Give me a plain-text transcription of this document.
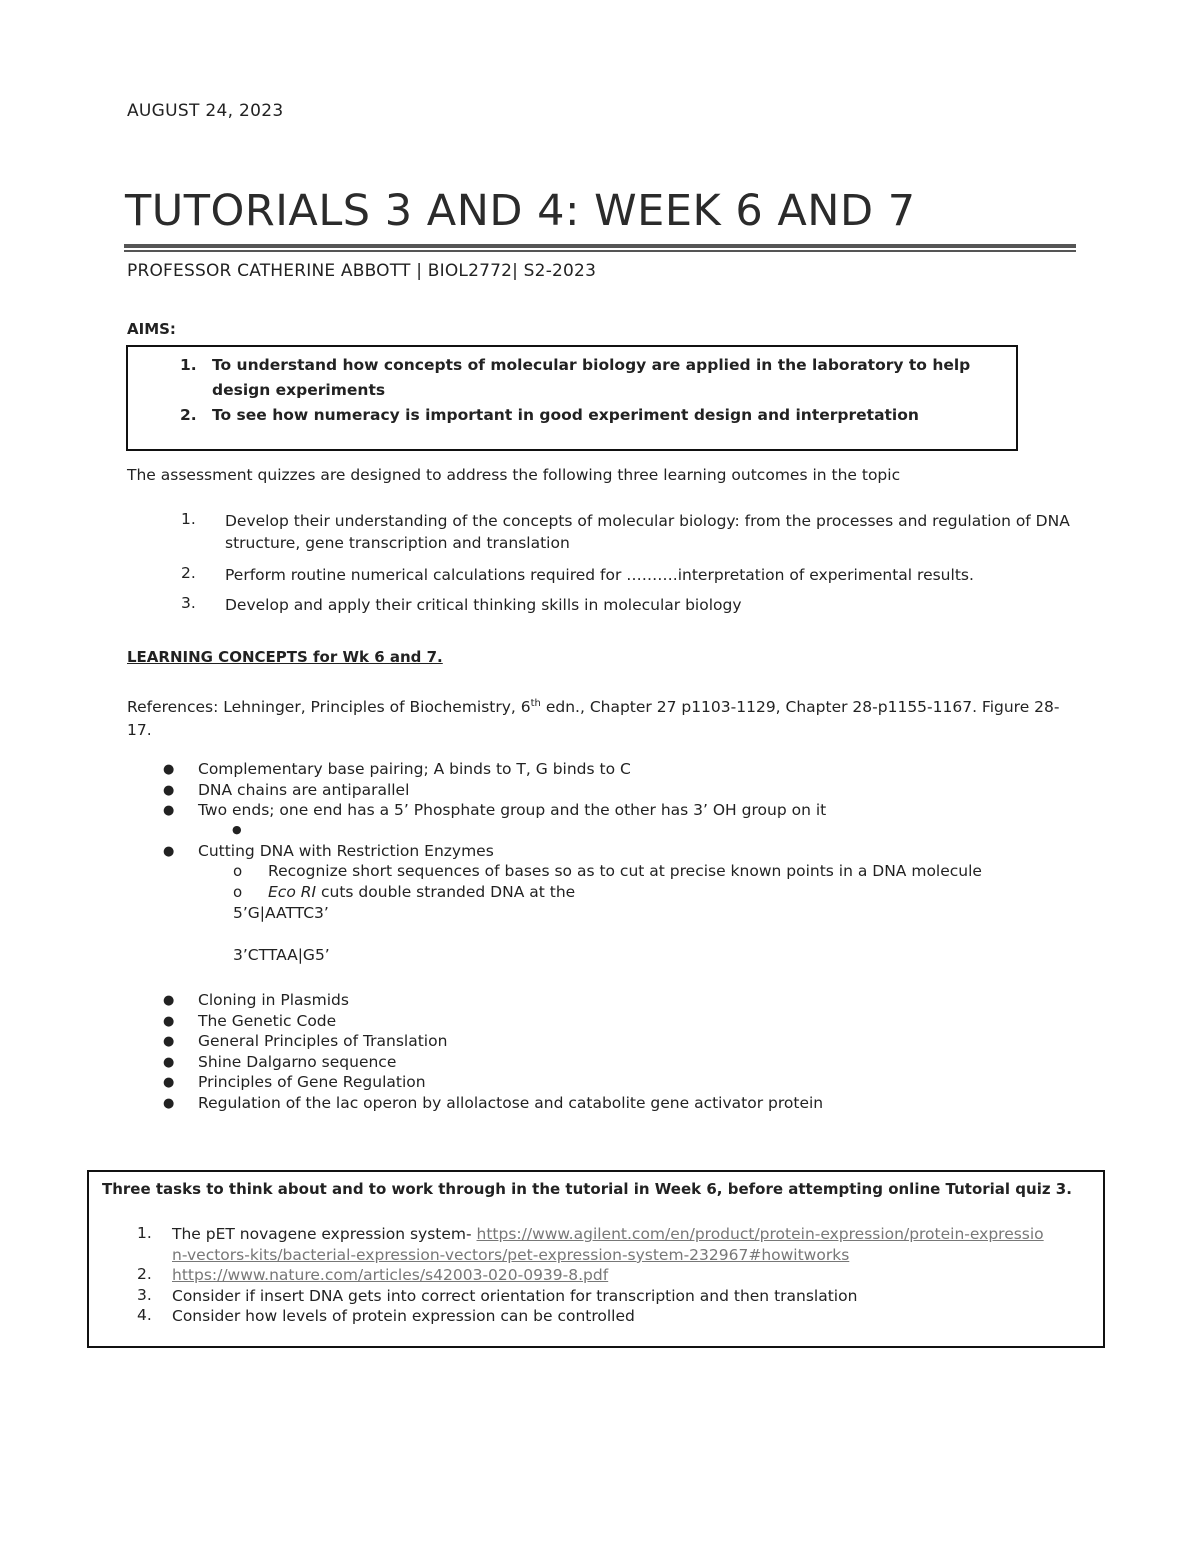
AUGUST 24, 2023
TUTORIALS 3 AND 4: WEEK 6 AND 7
PROFESSOR CATHERINE ABBOTT | BIOL2772| S2-2023
AIMS:
1. To understand how concepts of molecular biology are applied in the laboratory to help design experiments
2. To see how numeracy is important in good experiment design and interpretation
The assessment quizzes are designed to address the following three learning outcomes in the topic
1. Develop their understanding of the concepts of molecular biology: from the processes and regulation of DNA structure, gene transcription and translation
2. Perform routine numerical calculations required for ……….interpretation of experimental results.
3. Develop and apply their critical thinking skills in molecular biology
LEARNING CONCEPTS for Wk 6 and 7.
References: Lehninger, Principles of Biochemistry, 6th edn., Chapter 27 p1103-1129, Chapter 28-p1155-1167. Figure 28-17.
● Complementary base pairing; A binds to T, G binds to C
● DNA chains are antiparallel
● Two ends; one end has a 5’ Phosphate group and the other has 3’ OH group on it
●
● Cutting DNA with Restriction Enzymes
o Recognize short sequences of bases so as to cut at precise known points in a DNA molecule
o Eco RI cuts double stranded DNA at the
5’G|AATTC3’
3’CTTAA|G5’
● Cloning in Plasmids
● The Genetic Code
● General Principles of Translation
● Shine Dalgarno sequence
● Principles of Gene Regulation
● Regulation of the lac operon by allolactose and catabolite gene activator protein
Three tasks to think about and to work through in the tutorial in Week 6, before attempting online Tutorial quiz 3.
1. The pET novagene expression system- https://www.agilent.com/en/product/protein-expression/protein-expression-vectors-kits/bacterial-expression-vectors/pet-expression-system-232967#howitworks
2. https://www.nature.com/articles/s42003-020-0939-8.pdf
3. Consider if insert DNA gets into correct orientation for transcription and then translation
4. Consider how levels of protein expression can be controlled
